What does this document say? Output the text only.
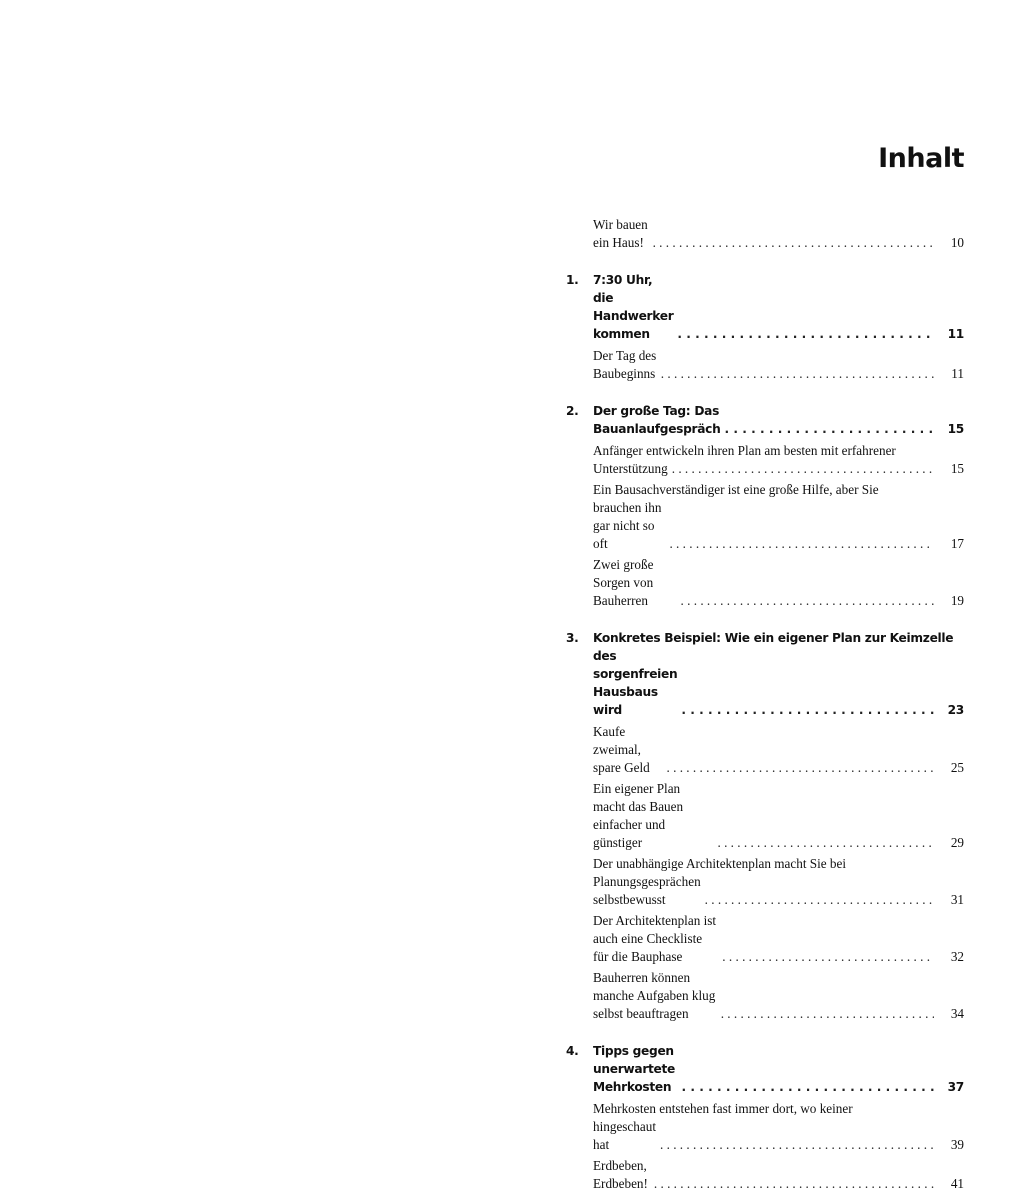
Inhalt
Wir bauen ein Haus! . . .	10
1.	7:30 Uhr, die Handwerker kommen . . .	11
Der Tag des Baubeginns . . .	11
2.	Der große Tag: Das Bauanlaufgespräch . . .	15
Anfänger entwickeln ihren Plan am besten mit erfahrener
Unterstützung . . .	15
Ein Bausachverständiger ist eine große Hilfe, aber Sie
brauchen ihn gar nicht so oft . . .	17
Zwei große Sorgen von Bauherren . . .	19
3.	Konkretes Beispiel: Wie ein eigener Plan zur Keimzelle
des sorgenfreien Hausbaus wird . . .	23
Kaufe zweimal, spare Geld . . .	25
Ein eigener Plan macht das Bauen einfacher und günstiger . . .	29
Der unabhängige Architektenplan macht Sie bei
Planungsgesprächen selbstbewusst . . .	31
Der Architektenplan ist auch eine Checkliste für die Bauphase . . .	32
Bauherren können manche Aufgaben klug selbst beauftragen . . .	34
4.	Tipps gegen unerwartete Mehrkosten . . .	37
Mehrkosten entstehen fast immer dort, wo keiner
hingeschaut hat . . .	39
Erdbeben, Erdbeben! . . .	41
